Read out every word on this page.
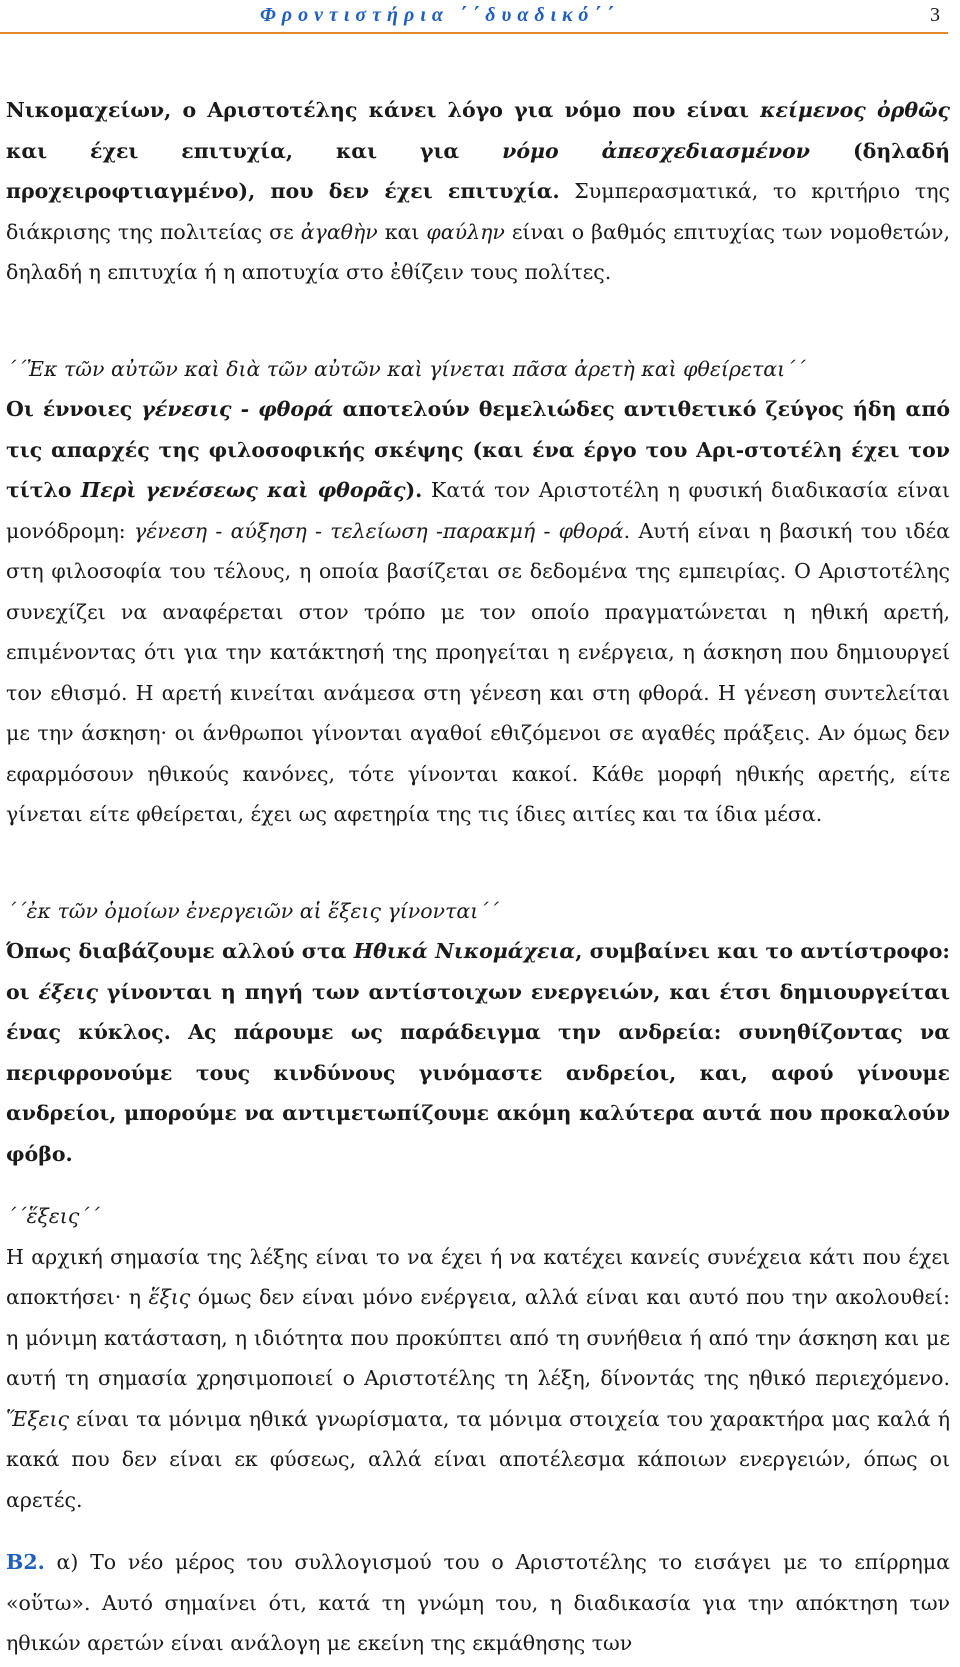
Φροντιστήρια ΄΄δυαδικό΄΄	3

Νικομαχείων, ο Αριστοτέλης κάνει λόγο για νόμο που είναι κείμενος ὀρθῶς και έχει επιτυχία, και για νόμο ἀπεσχεδιασμένον (δηλαδή προχειροφτιαγμένο), που δεν έχει επιτυχία. Συμπερασματικά, το κριτήριο της διάκρισης της πολιτείας σε ἀγαθὴν και φαύλην είναι ο βαθμός επιτυχίας των νομοθετών, δηλαδή η επιτυχία ή η αποτυχία στο ἐθίζειν τους πολίτες.

΄΄Ἐκ τῶν αὐτῶν καὶ διὰ τῶν αὐτῶν καὶ γίνεται πᾶσα ἀρετὴ καὶ φθείρεται΄΄

Οι έννοιες γένεσις - φθορά αποτελούν θεμελιώδες αντιθετικό ζεύγος ήδη από τις απαρχές της φιλοσοφικής σκέψης (και ένα έργο του Αρι-στοτέλη έχει τον τίτλο Περὶ γενέσεως καὶ φθορᾶς). Κατά τον Αριστοτέλη η φυσική διαδικασία είναι μονόδρομη: γένεση - αύξηση - τελείωση -παρακμή - φθορά. Αυτή είναι η βασική του ιδέα στη φιλοσοφία του τέλους, η οποία βασίζεται σε δεδομένα της εμπειρίας. Ο Αριστοτέλης συνεχίζει να αναφέρεται στον τρόπο με τον οποίο πραγματώνεται η ηθική αρετή, επιμένοντας ότι για την κατάκτησή της προηγείται η ενέργεια, η άσκηση που δημιουργεί τον εθισμό. Η αρετή κινείται ανάμεσα στη γένεση και στη φθορά. Η γένεση συντελείται με την άσκηση· οι άνθρωποι γίνονται αγαθοί εθιζόμενοι σε αγαθές πράξεις. Αν όμως δεν εφαρμόσουν ηθικούς κανόνες, τότε γίνονται κακοί. Κάθε μορφή ηθικής αρετής, είτε γίνεται είτε φθείρεται, έχει ως αφετηρία της τις ίδιες αιτίες και τα ίδια μέσα.

΄΄ἐκ τῶν ὁμοίων ἐνεργειῶν αἱ ἕξεις γίνονται΄΄

Όπως διαβάζουμε αλλού στα Ηθικά Νικομάχεια, συμβαίνει και το αντίστροφο: οι έξεις γίνονται η πηγή των αντίστοιχων ενεργειών, και έτσι δημιουργείται ένας κύκλος. Ας πάρουμε ως παράδειγμα την ανδρεία: συνηθίζοντας να περιφρονούμε τους κινδύνους γινόμαστε ανδρείοι, και, αφού γίνουμε ανδρείοι, μπορούμε να αντιμετωπίζουμε ακόμη καλύτερα αυτά που προκαλούν φόβο.

΄΄ἕξεις΄΄

Η αρχική σημασία της λέξης είναι το να έχει ή να κατέχει κανείς συνέχεια κάτι που έχει αποκτήσει· η ἕξις όμως δεν είναι μόνο ενέργεια, αλλά είναι και αυτό που την ακολουθεί: η μόνιμη κατάσταση, η ιδιότητα που προκύπτει από τη συνήθεια ή από την άσκηση και με αυτή τη σημασία χρησιμοποιεί ο Αριστοτέλης τη λέξη, δίνοντάς της ηθικό περιεχόμενο. Ἕξεις είναι τα μόνιμα ηθικά γνωρίσματα, τα μόνιμα στοιχεία του χαρακτήρα μας καλά ή κακά που δεν είναι εκ φύσεως, αλλά είναι αποτέλεσμα κάποιων ενεργειών, όπως οι αρετές.

Β2. α) Το νέο μέρος του συλλογισμού του ο Αριστοτέλης το εισάγει με το επίρρημα «οὕτω». Αυτό σημαίνει ότι, κατά τη γνώμη του, η διαδικασία για την απόκτηση των ηθικών αρετών είναι ανάλογη με εκείνη της εκμάθησης των
